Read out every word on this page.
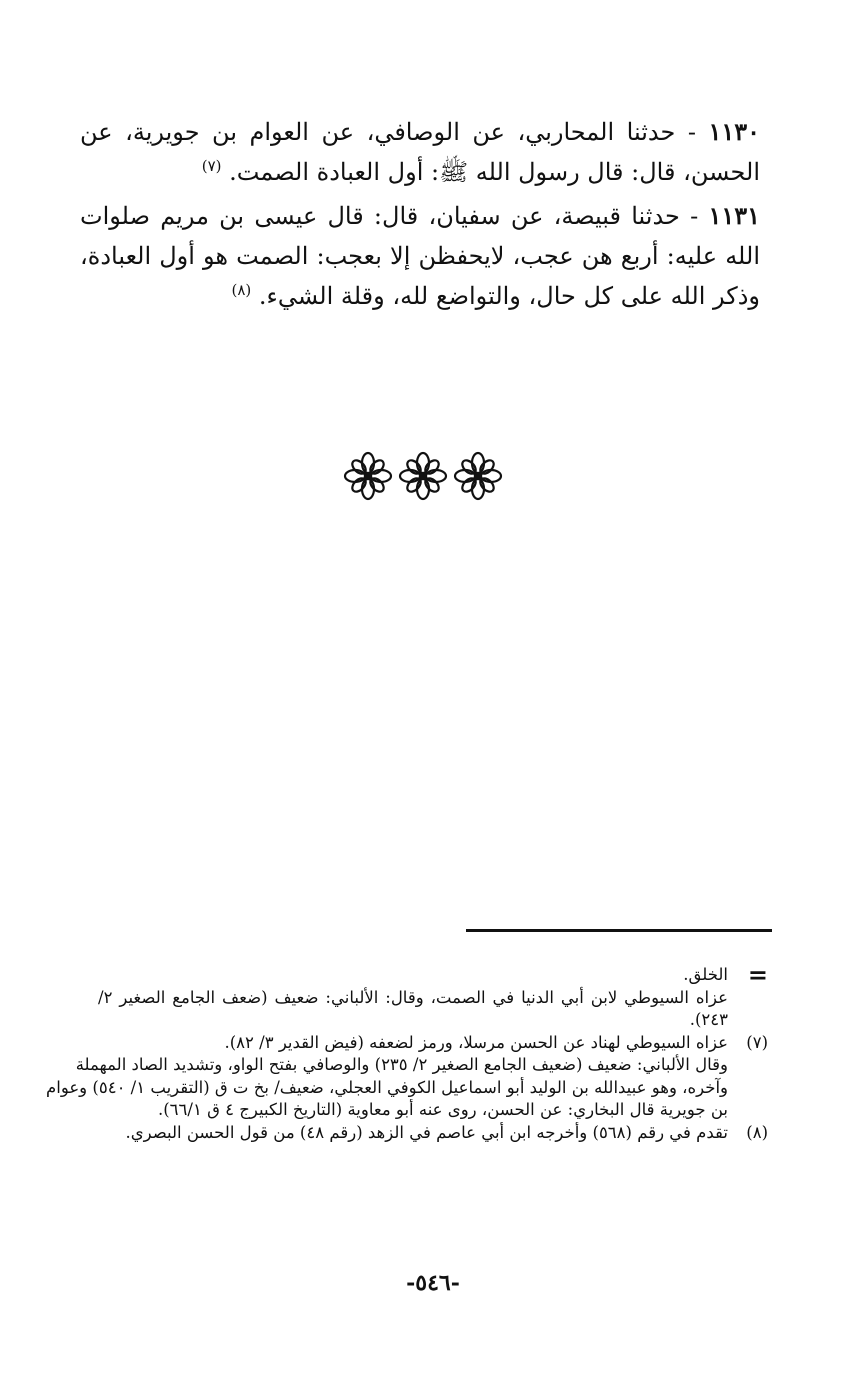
١١٣٠ - حدثنا المحاربي، عن الوصافي، عن العوام بن جويرية، عن الحسن، قال: قال رسول الله ﷺ: أول العبادة الصمت. $^{(٧)}$

١١٣١ - حدثنا قبيصة، عن سفيان، قال: قال عيسى بن مريم صلوات الله عليه: أربع هن عجب، لايحفظن إلا بعجب: الصمت هو أول العبادة، وذكر الله على كل حال، والتواضع لله، وقلة الشيء. $^{(٨)}$

=
الخلق.
عزاه السيوطي لابن أبي الدنيا في الصمت، وقال: الألباني: ضعيف (ضعف الجامع الصغير ٢/ ٢٤٣).
(٧)
عزاه السيوطي لهناد عن الحسن مرسلا، ورمز لضعفه (فيض القدير ٣/ ٨٢).
وقال الألباني: ضعيف (ضعيف الجامع الصغير ٢/ ٢٣٥) والوصافي بفتح الواو، وتشديد الصاد المهملة
وآخره، وهو عبيدالله بن الوليد أبو اسماعيل الكوفي العجلي، ضعيف/ بخ ت ق (التقريب ١/ ٥٤٠) وعوام
بن جويرية قال البخاري: عن الحسن، روى عنه أبو معاوية (التاريخ الكبيرج ٤ ق ٦٦/١).
(٨)
تقدم في رقم (٥٦٨) وأخرجه ابن أبي عاصم في الزهد (رقم ٤٨) من قول الحسن البصري.
-٥٤٦-
